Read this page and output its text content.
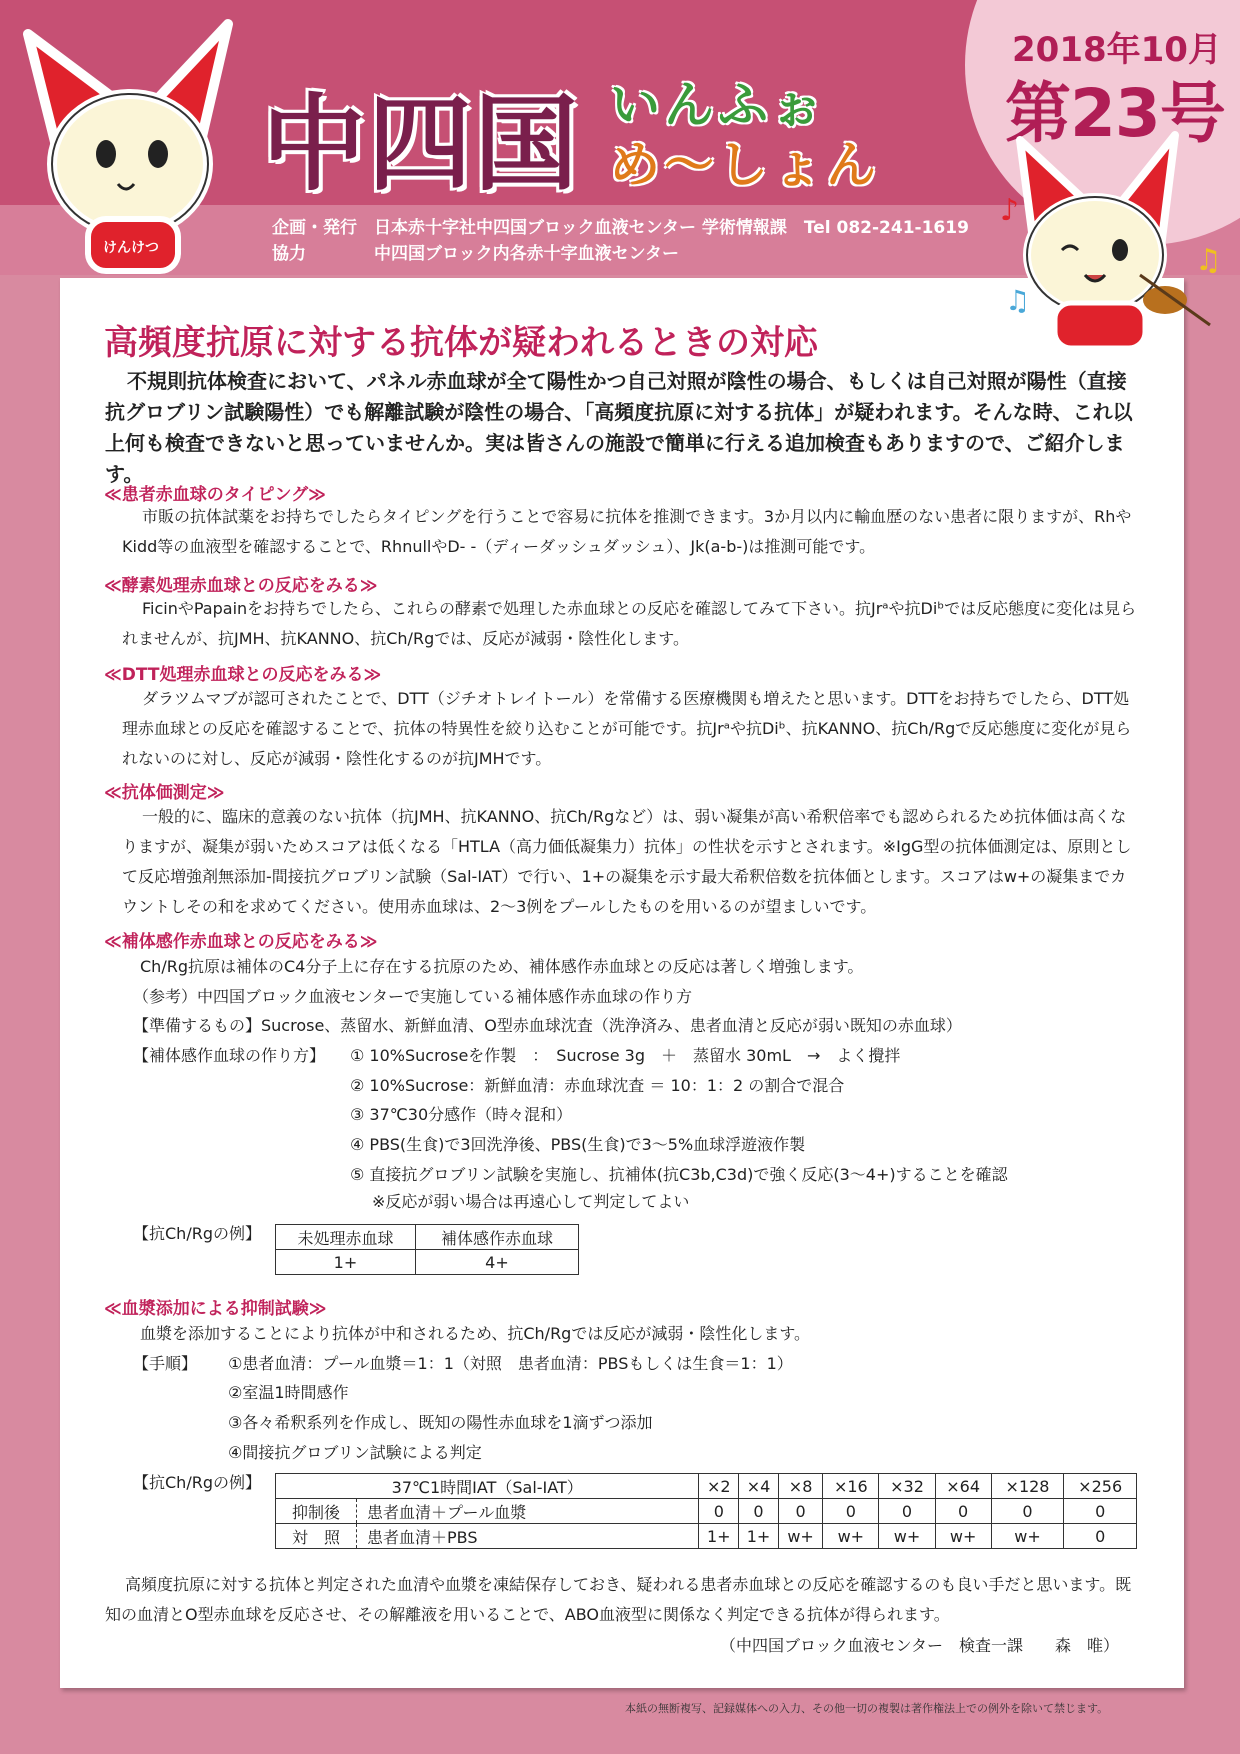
けんけつ
中四国 いんふぉ
め〜しょん
2018年10月
第23号
企画・発行 日本赤十字社中四国ブロック血液センター 学術情報課　Tel 082-241-1619
協力	中四国ブロック内各赤十字血液センター
♪
♫
♫
高頻度抗原に対する抗体が疑われるときの対応
不規則抗体検査において、パネル赤血球が全て陽性かつ自己対照が陰性の場合、もしくは自己対照が陽性（直接抗グロブリン試験陽性）でも解離試験が陰性の場合、「高頻度抗原に対する抗体」が疑われます。そんな時、これ以上何も検査できないと思っていませんか。実は皆さんの施設で簡単に行える追加検査もありますので、ご紹介します。
≪患者赤血球のタイピング≫
市販の抗体試薬をお持ちでしたらタイピングを行うことで容易に抗体を推測できます。3か月以内に輸血歴のない患者に限りますが、RhやKidd等の血液型を確認することで、RhnullやD- -（ディーダッシュダッシュ）、Jk(a-b-)は推測可能です。
≪酵素処理赤血球との反応をみる≫
FicinやPapainをお持ちでしたら、これらの酵素で処理した赤血球との反応を確認してみて下さい。抗Jrᵃや抗Diᵇでは反応態度に変化は見られませんが、抗JMH、抗KANNO、抗Ch/Rgでは、反応が減弱・陰性化します。
≪DTT処理赤血球との反応をみる≫
ダラツムマブが認可されたことで、DTT（ジチオトレイトール）を常備する医療機関も増えたと思います。DTTをお持ちでしたら、DTT処理赤血球との反応を確認することで、抗体の特異性を絞り込むことが可能です。抗Jrᵃや抗Diᵇ、抗KANNO、抗Ch/Rgで反応態度に変化が見られないのに対し、反応が減弱・陰性化するのが抗JMHです。
≪抗体価測定≫
一般的に、臨床的意義のない抗体（抗JMH、抗KANNO、抗Ch/Rgなど）は、弱い凝集が高い希釈倍率でも認められるため抗体価は高くなりますが、凝集が弱いためスコアは低くなる「HTLA（高力価低凝集力）抗体」の性状を示すとされます。※IgG型の抗体価測定は、原則として反応増強剤無添加-間接抗グロブリン試験（Sal-IAT）で行い、1+の凝集を示す最大希釈倍数を抗体価とします。スコアはw+の凝集までカウントしその和を求めてください。使用赤血球は、2〜3例をプールしたものを用いるのが望ましいです。
≪補体感作赤血球との反応をみる≫
Ch/Rg抗原は補体のC4分子上に存在する抗原のため、補体感作赤血球との反応は著しく増強します。
（参考）中四国ブロック血液センターで実施している補体感作赤血球の作り方
【準備するもの】Sucrose、蒸留水、新鮮血清、O型赤血球沈査（洗浄済み、患者血清と反応が弱い既知の赤血球）
【補体感作血球の作り方】 ① 10%Sucroseを作製　：　Sucrose 3g　＋　蒸留水 30mL　→　よく攪拌
② 10%Sucrose：新鮮血清：赤血球沈査 ＝ 10：1：2 の割合で混合
③ 37℃30分感作（時々混和）
④ PBS(生食)で3回洗浄後、PBS(生食)で3〜5%血球浮遊液作製
⑤ 直接抗グロブリン試験を実施し、抗補体(抗C3b,C3d)で強く反応(3〜4+)することを確認
※反応が弱い場合は再遠心して判定してよい
【抗Ch/Rgの例】 未処理赤血球	補体感作赤血球
1+	4+
≪血漿添加による抑制試験≫
血漿を添加することにより抗体が中和されるため、抗Ch/Rgでは反応が減弱・陰性化します。
【手順】 ①患者血清：プール血漿＝1：1（対照　患者血清：PBSもしくは生食＝1：1）
②室温1時間感作
③各々希釈系列を作成し、既知の陽性赤血球を1滴ずつ添加
④間接抗グロブリン試験による判定
【抗Ch/Rgの例】	37℃1時間IAT（Sal-IAT）		×2	×4	×8	×16	×32	×64	×128	×256
抑制後	患者血清＋プール血漿	0	0	0	0	0	0	0	0
対　照	患者血清＋PBS	1+	1+	w+	w+	w+	w+	w+	0
高頻度抗原に対する抗体と判定された血清や血漿を凍結保存しておき、疑われる患者赤血球との反応を確認するのも良い手だと思います。既知の血清とO型赤血球を反応させ、その解離液を用いることで、ABO血液型に関係なく判定できる抗体が得られます。
（中四国ブロック血液センター　検査一課　　森　唯）
本紙の無断複写、記録媒体への入力、その他一切の複製は著作権法上での例外を除いて禁じます。
